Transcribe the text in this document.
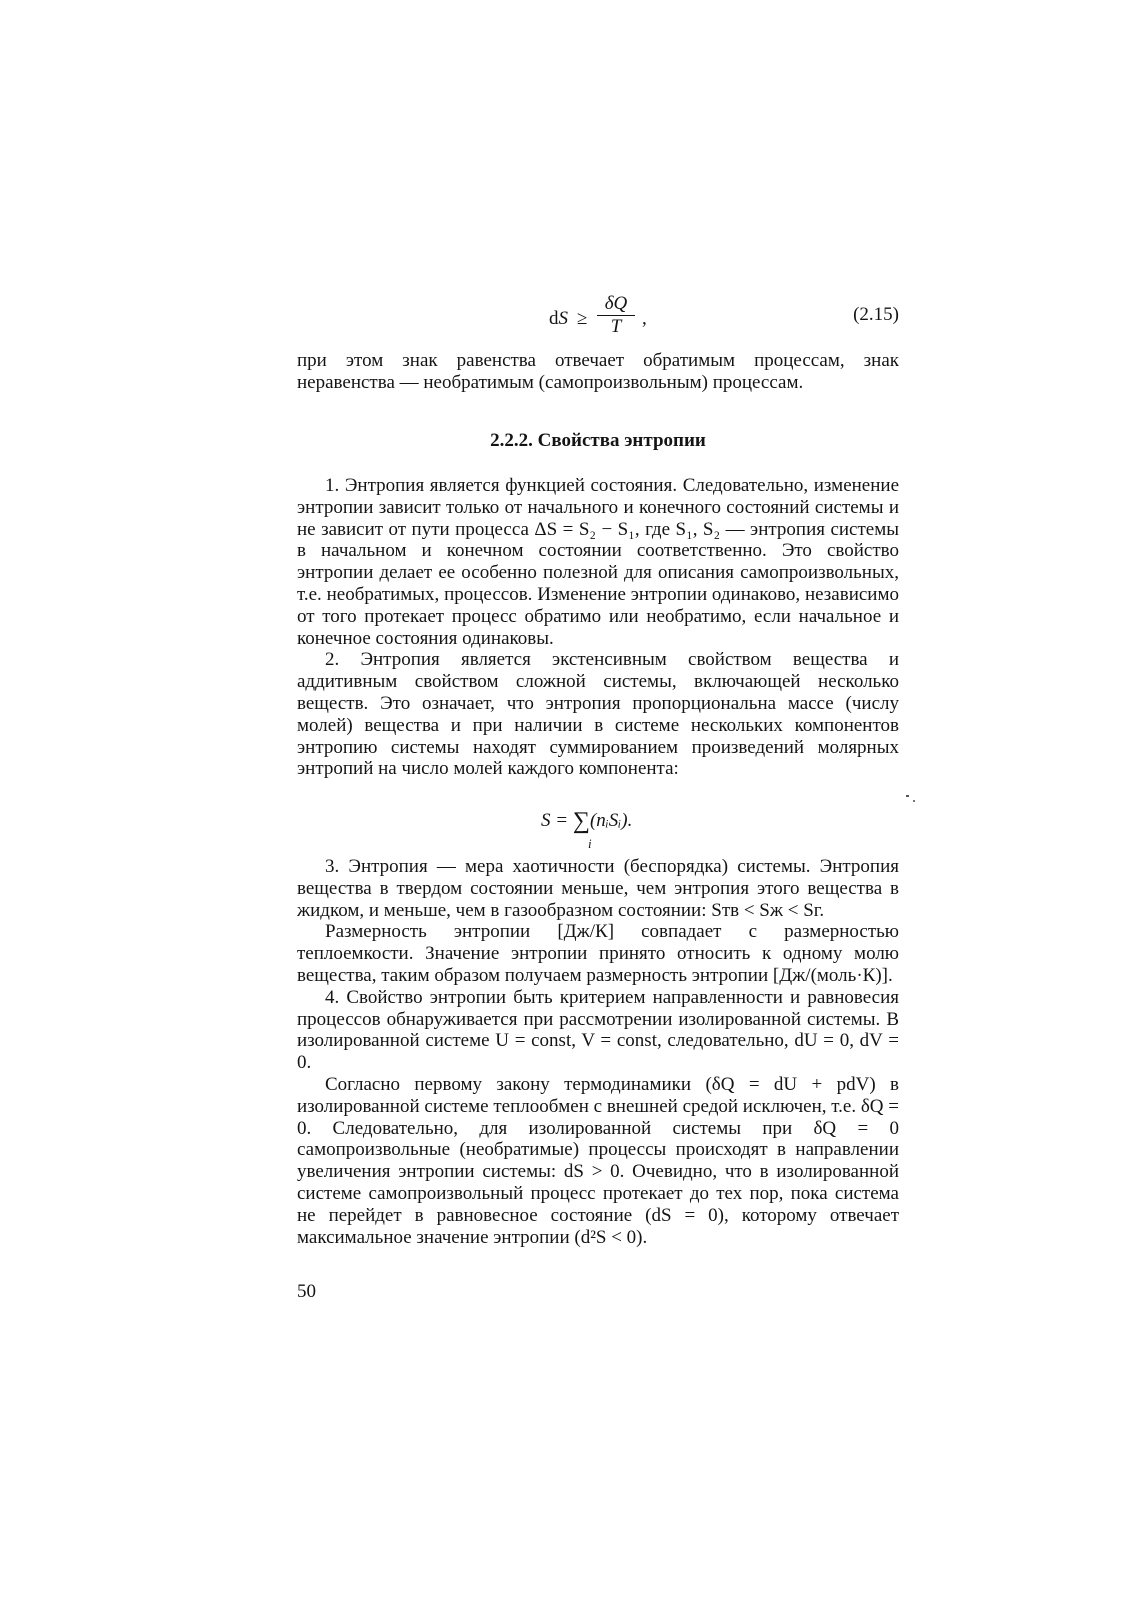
dS ≥
δQ
T	,	(2.15)

при этом знак равенства отвечает обратимым процессам, знак неравенства — необратимым (самопроизвольным) процессам.

2.2.2. Свойства энтропии

1. Энтропия является функцией состояния. Следовательно, изменение энтропии зависит только от начального и конечного состояний системы и не зависит от пути процесса ΔS = S₂ − S₁, где S₁, S₂ — энтропия системы в начальном и конечном состоянии соответственно. Это свойство энтропии делает ее особенно полезной для описания самопроизвольных, т.е. необратимых, процессов. Изменение энтропии одинаково, независимо от того протекает процесс обратимо или необратимо, если начальное и конечное состояния одинаковы.

2. Энтропия является экстенсивным свойством вещества и аддитивным свойством сложной системы, включающей несколько веществ. Это означает, что энтропия пропорциональна массе (числу молей) вещества и при наличии в системе нескольких компонентов энтропию системы находят суммированием произведений молярных энтропий на число молей каждого компонента:

S = ∑(nᵢSᵢ).
i

3. Энтропия — мера хаотичности (беспорядка) системы. Энтропия вещества в твердом состоянии меньше, чем энтропия этого вещества в жидком, и меньше, чем в газообразном состоянии: Sтв < Sж < Sг.

Размерность энтропии [Дж/К] совпадает с размерностью теплоемкости. Значение энтропии принято относить к одному молю вещества, таким образом получаем размерность энтропии [Дж/(моль·К)].

4. Свойство энтропии быть критерием направленности и равновесия процессов обнаруживается при рассмотрении изолированной системы. В изолированной системе U = const, V = const, следовательно, dU = 0, dV = 0.

Согласно первому закону термодинамики (δQ = dU + pdV) в изолированной системе теплообмен с внешней средой исключен, т.е. δQ = 0. Следовательно, для изолированной системы при δQ = 0 самопроизвольные (необратимые) процессы происходят в направлении увеличения энтропии системы: dS > 0. Очевидно, что в изолированной системе самопроизвольный процесс протекает до тех пор, пока система не перейдет в равновесное состояние (dS = 0), которому отвечает максимальное значение энтропии (d²S < 0).

50
